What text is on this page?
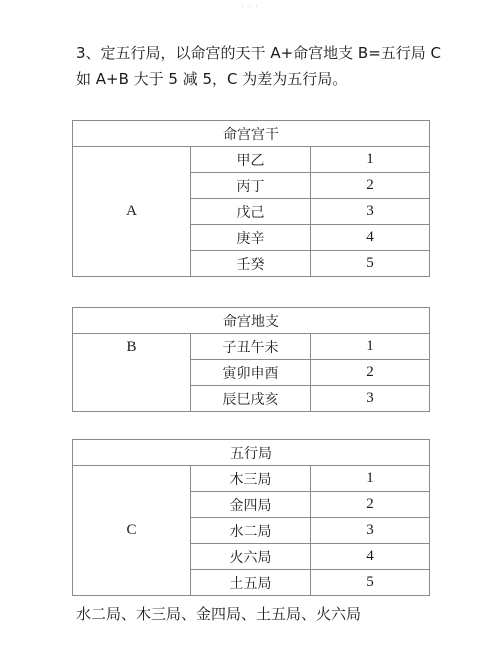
· · ·
3、定五行局，以命宫的天干 A+命宫地支 B=五行局 C
如 A+B 大于 5 减 5，C 为差为五行局。
命宫宫干		
A	甲乙	1
	丙丁	2
	戊己	3
	庚辛	4
	壬癸	5
命宫地支		
B	子丑午未	1
	寅卯申酉	2
	辰巳戌亥	3
五行局		
C	木三局	1
	金四局	2
	水二局	3
	火六局	4
	土五局	5
水二局、木三局、金四局、土五局、火六局
